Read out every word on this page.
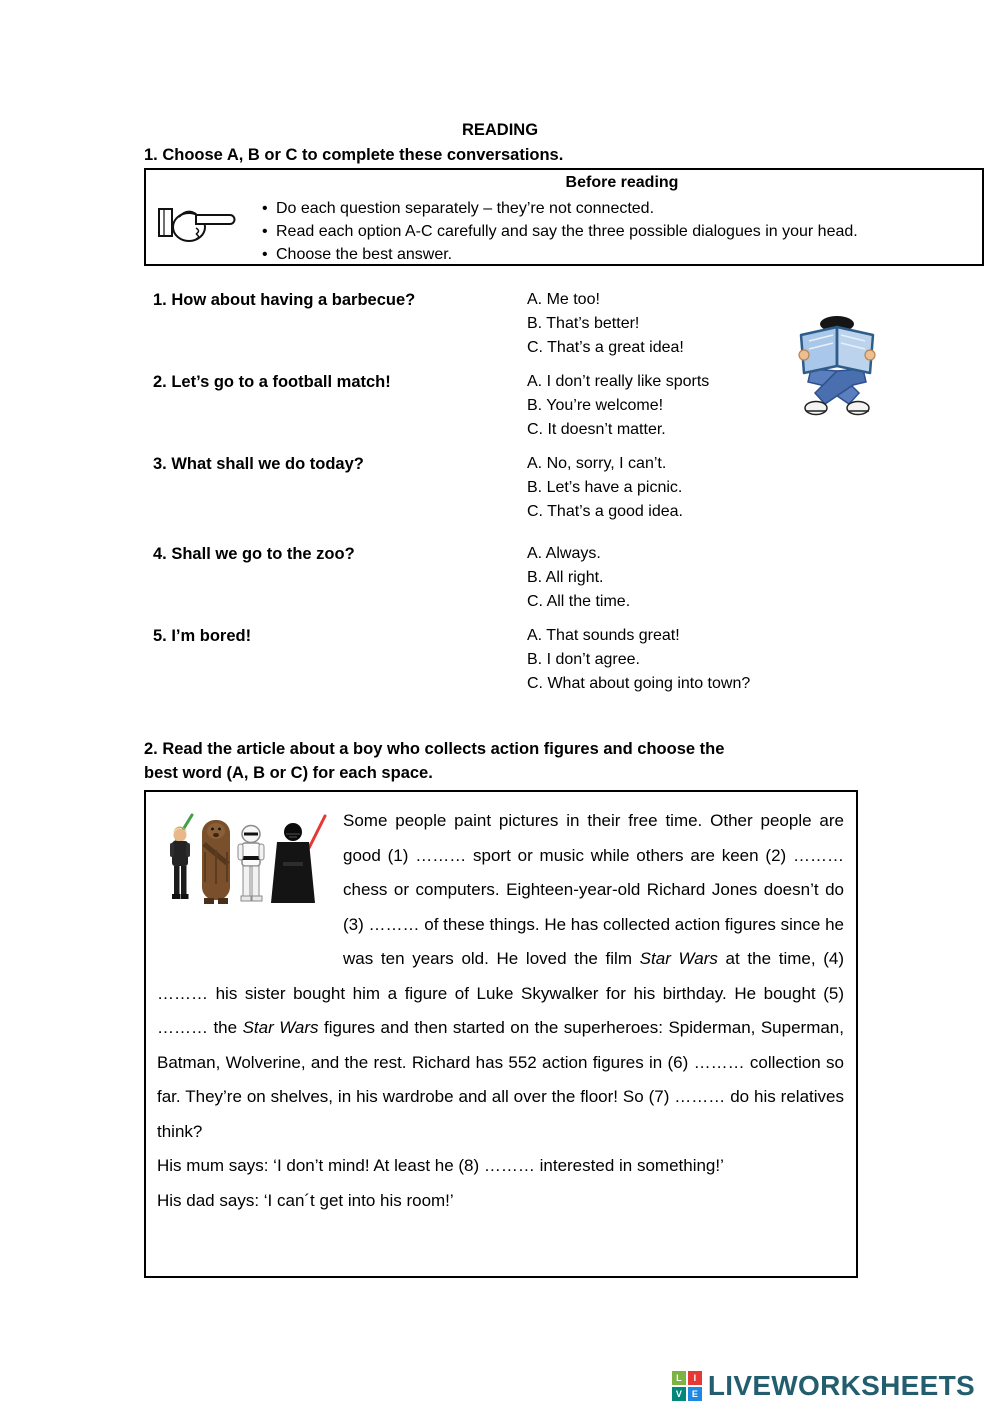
READING
1. Choose A, B or C to complete these conversations.
Before reading
• Do each question separately – they’re not connected.
• Read each option A-C carefully and say the three possible dialogues in your head.
• Choose the best answer.
1. How about having a barbecue?	A. Me too!
B. That’s better!
C. That’s a great idea!
2. Let’s go to a football match!	A. I don’t really like sports
B. You’re welcome!
C. It doesn’t matter.
3. What shall we do today?	A. No, sorry, I can’t.
B. Let’s have a picnic.
C. That’s a good idea.
4. Shall we go to the zoo?	A. Always.
B. All right.
C. All the time.
5. I’m bored!	A. That sounds great!
B. I don’t agree.
C. What about going into town?
2. Read the article about a boy who collects action figures and choose the
best word (A, B or C) for each space.

Some people paint pictures in their free time. Other people are good (1) ……… sport or music while others are keen (2) ……… chess or computers. Eighteen-year-old Richard Jones doesn’t do (3) ……… of these things. He has collected action figures since he was ten years old. He loved the film Star Wars at the time, (4) ……… his sister bought him a figure of Luke Skywalker for his birthday. He bought (5) ……… the Star Wars figures and then started on the superheroes: Spiderman, Superman, Batman, Wolverine, and the rest. Richard has 552 action figures in (6) ……… collection so far. They’re on shelves, in his wardrobe and all over the floor! So (7) ……… do his relatives think?

His mum says: ‘I don’t mind! At least he (8) ……… interested in something!’
His dad says: ‘I can´t get into his room!’
L	I
V	E LIVEWORKSHEETS
